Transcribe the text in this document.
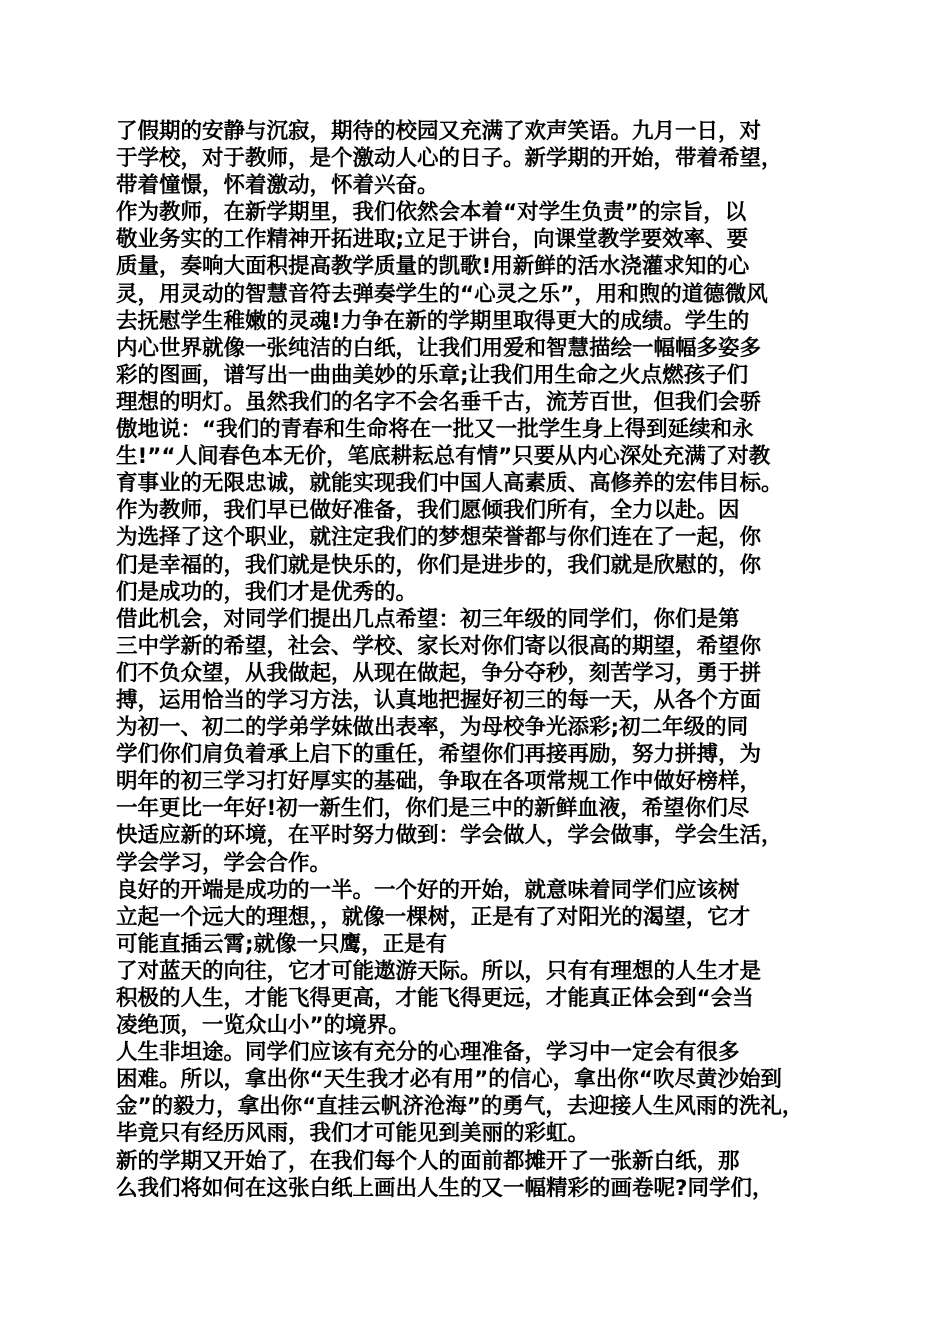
了假期的安静与沉寂，期待的校园又充满了欢声笑语。九月一日，对
于学校，对于教师，是个激动人心的日子。新学期的开始，带着希望，
带着憧憬，怀着激动，怀着兴奋。
作为教师，在新学期里，我们依然会本着“对学生负责”的宗旨，以
敬业务实的工作精神开拓进取;立足于讲台，向课堂教学要效率、要
质量，奏响大面积提高教学质量的凯歌!用新鲜的活水浇灌求知的心
灵，用灵动的智慧音符去弹奏学生的“心灵之乐”，用和煦的道德微风
去抚慰学生稚嫩的灵魂!力争在新的学期里取得更大的成绩。学生的
内心世界就像一张纯洁的白纸，让我们用爱和智慧描绘一幅幅多姿多
彩的图画，谱写出一曲曲美妙的乐章;让我们用生命之火点燃孩子们
理想的明灯。虽然我们的名字不会名垂千古，流芳百世，但我们会骄
傲地说：“我们的青春和生命将在一批又一批学生身上得到延续和永
生!”“人间春色本无价，笔底耕耘总有情”只要从内心深处充满了对教
育事业的无限忠诚，就能实现我们中国人高素质、高修养的宏伟目标。
作为教师，我们早已做好准备，我们愿倾我们所有，全力以赴。因
为选择了这个职业，就注定我们的梦想荣誉都与你们连在了一起，你
们是幸福的，我们就是快乐的，你们是进步的，我们就是欣慰的，你
们是成功的，我们才是优秀的。
借此机会，对同学们提出几点希望：初三年级的同学们，你们是第
三中学新的希望，社会、学校、家长对你们寄以很高的期望，希望你
们不负众望，从我做起，从现在做起，争分夺秒，刻苦学习，勇于拼
搏，运用恰当的学习方法，认真地把握好初三的每一天，从各个方面
为初一、初二的学弟学妹做出表率，为母校争光添彩;初二年级的同
学们你们肩负着承上启下的重任，希望你们再接再励，努力拼搏，为
明年的初三学习打好厚实的基础，争取在各项常规工作中做好榜样，
一年更比一年好!初一新生们，你们是三中的新鲜血液，希望你们尽
快适应新的环境，在平时努力做到：学会做人，学会做事，学会生活，
学会学习，学会合作。
良好的开端是成功的一半。一个好的开始，就意味着同学们应该树
立起一个远大的理想，，就像一棵树，正是有了对阳光的渴望，它才
可能直插云霄;就像一只鹰，正是有
了对蓝天的向往，它才可能遨游天际。所以，只有有理想的人生才是
积极的人生，才能飞得更高，才能飞得更远，才能真正体会到“会当
凌绝顶，一览众山小”的境界。
人生非坦途。同学们应该有充分的心理准备，学习中一定会有很多
困难。所以，拿出你“天生我才必有用”的信心，拿出你“吹尽黄沙始到
金”的毅力，拿出你“直挂云帆济沧海”的勇气，去迎接人生风雨的洗礼，
毕竟只有经历风雨，我们才可能见到美丽的彩虹。
新的学期又开始了，在我们每个人的面前都摊开了一张新白纸，那
么我们将如何在这张白纸上画出人生的又一幅精彩的画卷呢?同学们，
